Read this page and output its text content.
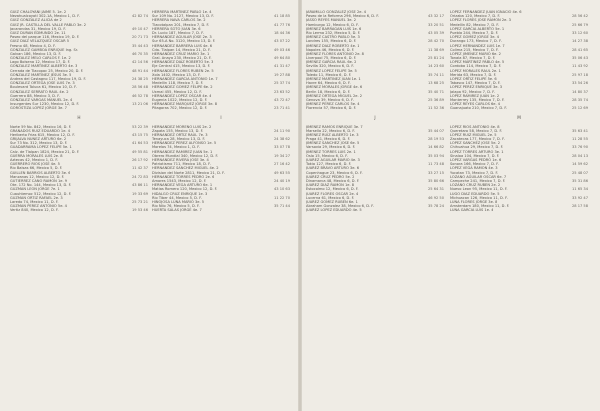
GUIZ CHALOYANI JAIME 5. 1e. 2
Nezahualcoyotl 302-1A, Mexico 1, D. F.	42 82 74
GUIZ GONZALEZ ALICIA de 2
GUIZ JR. CASTILLA DEL VALLE PABLO 3e. 2
Jacarandas 31, Mexico 19, D. F.	49 10 47
GUIZ DURAN EDMUNDO 2e. 11
Paseo del parque 116, Mexico 19, D. F.	20 71 73
GUIZ DIAZ VELAZQUEZ OSCAR 5
Fresno 48, Mexico 4, D. F.	35 44 43
GONZALEZ GAMBOA ENRIQUE Ing. Sr.
Galvan 186, Mexico 13, D. F.	46 70 35
GONZALEZ MELO CARLOS F. 1e. 2
Lago Bolsena 12, Mexico 17, D. F.	42 14 56
GONZALEZ MARTINEZ ALBERTO 4e. 3
Cerrada de Tlacopac 25, Mexico 20, D. F.	48 91 44
GONZALEZ MARTINEZ JESUS 3e. 5
Andrea del Castagno 117, Mexico 19, D. F.	24 38 25
GONZALEZ ORTEGA JOSE LUIS 7e. 3
Boulevard Toluca 61, Mexico 10, D. F.	28 56 48
GONZALEZ SERRATO RAUL 4e. 2
Guerrero 88, Mexico 3, D. F.	46 52 78
GONZALEZ VARGAS MANUEL 2e. 4
Insurgentes Sur 1230, Mexico 12, D. F.	13 21 06
GOROSTIZA LOPEZ JORGE 3e. 7
H
Norte 59 No. 842, Mexico 16, D. F.	53 22 39
GRANADOS RUIZ EDUARDO 1e. 4
Heriberto Frias 615, Mexico 12, D. F.	43 15 75
GRIJALVA NUNEZ ARTURO 6e. 2
Sur 73 No. 312, Mexico 13, D. F.	41 64 53
GUADARRAMA LOPEZ FELIPE 5e. 1
Calz. de Tlalpan 1824, Mexico 21, D. F.	49 55 81
GUERRA MORALES LUIS 2e. 8
Aztecas 42, Mexico 1, D. F.	26 17 92
GUERRERO RIOS JOSE 4e. 5
Rio Balsas 66, Mexico 5, D. F.	11 42 37
GUILLEN BARRIOS ALBERTO 3e. 6
Manzanas 12, Mexico 12, D. F.	24 72 83
GUTIERREZ CANO RAMON 1e. 9
Ote. 172 No. 144, Mexico 13, D. F.	43 86 11
GUZMAN LEON JORGE 7e. 1
Cuauhtemoc 512, Mexico 12, D. F.	19 33 69
GUZMAN ORTIZ RAFAEL 2e. 3
Laredo 74, Mexico 11, D. F.	25 73 21
GUZMAN PEREZ ANTONIO 5e. 4
Vertiz 840, Mexico 12, D. F.	19 53 46
HERRERA MARTINEZ PABLO 1e. 4
Sur 109 No. 2127, Mexico 13, D. F.	41 18 85
HERRERA NAVA CARLOS 3e. 2
Tlacotalpan 201, Mexico 7, D. F.	41 77 76
HERRERA SOTO JUAN 3e. 6
Dr. Lucio 187, Mexico 7, D. F.	18 44 36
HERNANDEZ AGUILAR JOSE 2e. 3
Sur 65-A No. 3120, Mexico 13, D. F.	43 07 22
HERNANDEZ BARRERA LUIS 4e. 6
Cda. Tlalpan 14, Mexico 21, D. F.	49 03 46
HERNANDEZ CRUZ MARIO 3e. 1
Gral. Anaya 230, Mexico 21, D. F.	49 64 80
HERNANDEZ DIAZ ROBERTO 5e. 3
Eje Central 415, Mexico 13, D. F.	41 31 47
HERNANDEZ FLORES RUBEN 2e. 5
Xola 1402, Mexico 13, D. F.	19 27 88
HERNANDEZ GARCIA ANTONIO 1e. 7
Medellin 118, Mexico 7, D. F.	25 37 74
HERNANDEZ GOMEZ FELIPE 6e. 2
Uxmal 455, Mexico 12, D. F.	23 63 52
HERNANDEZ LOPEZ OSCAR 4e. 4
Eugenia 1022, Mexico 12, D. F.	43 72 47
HERNANDEZ MARQUEZ JORGE 3e. 8
Pitagoras 702, Mexico 12, D. F.	23 71 41
I
HERNANDEZ MORENO LUIS 2e. 2
Zapata 155, Mexico 13, D. F.	24 11 90
HERNANDEZ ORTIZ RAUL 7e. 3
Tenayuca 28, Mexico 13, D. F.	24 38 62
HERNANDEZ PEREZ ALFONSO 1e. 5
Morelos 74, Mexico 1, D. F.	33 07 78
HERNANDEZ RAMIREZ JUAN 5e. 1
Obrero Mundial 340, Mexico 12, D. F.	19 34 27
HERNANDEZ RIVERA JOSE 3e. 4
Patriotismo 711, Mexico 18, D. F.	27 16 42
HERNANDEZ SANCHEZ MIGUEL 4e. 2
Division del Norte 2811, Mexico 21, D. F.	49 63 55
HERNANDEZ TORRES PEDRO 2e. 6
Amores 1543, Mexico 12, D. F.	24 40 19
HERNANDEZ VEGA ARTURO 6e. 1
Matias Romero 120, Mexico 12, D. F.	43 10 63
HIDALGO CRUZ ENRIQUE 1e. 3
Rio Tiber 44, Mexico 5, D. F.	11 22 70
HINOJOSA LUNA MARIO 3e. 5
Rio Nilo 76, Mexico 5, D. F.	35 71 44
HUERTA SALAS JORGE 4e. 7
JARAMILLO GONZALEZ JOSE 2e. 4
Paseo de la Reforma 296, Mexico 6, D. F.	43 32 17
JASSO REYES MANUEL 3e. 2
Hamburgo 12, Mexico 6, D. F.	33 20 51
JIMENEZ BARRAGAN LUIS 1e. 6
Rio Lerma 232, Mexico 5, D. F.	43 05 39
JIMENEZ CASTRO PABLO 5e. 3
Londres 155, Mexico 6, D. F.	28 42 70
JIMENEZ DIAZ ROBERTO 4e. 1
Napoles 46, Mexico 6, D. F.	11 38 69
JIMENEZ FLORES ANTONIO 2e. 8
Liverpool 75, Mexico 6, D. F.	25 81 24
JIMENEZ GARCIA RAUL 6e. 2
Sevilla 320, Mexico 6, D. F.	14 23 60
JIMENEZ LOPEZ FELIPE 3e. 5
Toledo 11, Mexico 6, D. F.	35 74 11
JIMENEZ MARTINEZ JUAN 1e. 1
Havre 64, Mexico 6, D. F.	13 68 25
JIMENEZ MORALES JORGE 4e. 6
Berlin 18, Mexico 6, D. F.	35 40 71
JIMENEZ ORTEGA MIGUEL 2e. 2
Genova 39, Mexico 6, D. F.	25 36 89
JIMENEZ PEREZ CARLOS 5e. 4
Florencia 57, Mexico 6, D. F.	11 52 36
J
JIMENEZ RAMOS ENRIQUE 3e. 7
Marsella 22, Mexico 6, D. F.	35 44 07
JIMENEZ RUIZ ALBERTO 1e. 3
Praga 41, Mexico 6, D. F.	28 19 53
JIMENEZ SANCHEZ JOSE 6e. 5
Varsovia 29, Mexico 6, D. F.	14 66 82
JIMENEZ TORRES LUIS 2e. 1
Oslo 15, Mexico 6, D. F.	35 03 94
JUAREZ AGUILAR MARIO 4e. 3
Tokio 127, Mexico 6, D. F.	11 73 48
JUAREZ BRAVO ARTURO 3e. 6
Copenhague 23, Mexico 6, D. F.	33 27 15
JUAREZ CRUZ PEDRO 5e. 2
Dinamarca 48, Mexico 6, D. F.	35 80 66
JUAREZ DIAZ RAMON 1e. 8
Estocolmo 12, Mexico 6, D. F.	25 64 31
JUAREZ FLORES OSCAR 2e. 4
Lucerna 61, Mexico 6, D. F.	46 92 50
JUAREZ GOMEZ RUBEN 6e. 1
Abraham Gonzalez 38, Mexico 6, D. F.	35 78 24
JUAREZ LOPEZ EDUARDO 4e. 5
LOPEZ FERNANDEZ JUAN IGNACIO 4e. 6
Orizaba 120, Mexico 7, D. F.	28 56 42
LOPEZ FLORES JOSE RAMON 2e. 3
Medellin 82, Mexico 7, D. F.	25 66 79
LOPEZ GARCIA ALBERTO 5e. 1
Puebla 244, Mexico 7, D. F.	33 12 60
LOPEZ GOMEZ JORGE 3e. 4
Durango 173, Mexico 7, D. F.	14 27 38
LOPEZ HERNANDEZ LUIS 1e. 7
Colima 215, Mexico 7, D. F.	28 41 65
LOPEZ JIMENEZ MARIO 6e. 2
Tonala 87, Mexico 7, D. F.	35 06 43
LOPEZ MARTINEZ PABLO 4e. 5
Cordoba 114, Mexico 7, D. F.	11 43 92
LOPEZ MORALES RAUL 2e. 1
Merida 63, Mexico 7, D. F.	25 97 18
LOPEZ ORTIZ FELIPE 5e. 6
Tabasco 147, Mexico 7, D. F.	33 54 26
LOPEZ PEREZ ENRIQUE 3e. 3
Jalapa 92, Mexico 7, D. F.	14 80 37
LOPEZ RAMIREZ JUAN 1e. 2
Monterrey 135, Mexico 7, D. F.	28 35 74
LOPEZ REYES CARLOS 6e. 4
Guanajuato 210, Mexico 7, D. F.	25 12 69
M
LOPEZ RIOS ANTONIO 4e. 8
Queretaro 58, Mexico 7, D. F.	35 63 41
LOPEZ RUIZ MIGUEL 2e. 5
Zacatecas 177, Mexico 7, D. F.	11 28 55
LOPEZ SANCHEZ JOSE 5e. 2
Chihuahua 29, Mexico 7, D. F.	33 76 90
LOPEZ TORRES ARTURO 3e. 1
Sinaloa 104, Mexico 7, D. F.	28 04 13
LOPEZ VARGAS PEDRO 1e. 6
Sonora 166, Mexico 7, D. F.	14 59 62
LOPEZ VEGA RAMON 4e. 3
Yucatan 73, Mexico 7, D. F.	25 48 07
LOZANO AGUILAR OSCAR 6e. 7
Campeche 241, Mexico 7, D. F.	35 31 86
LOZANO CRUZ RUBEN 2e. 2
Nuevo Leon 95, Mexico 11, D. F.	11 65 34
LUGO DIAZ EDUARDO 5e. 5
Michoacan 126, Mexico 11, D. F.	33 92 47
LUNA FLORES JORGE 3e. 8
Amsterdam 180, Mexico 11, D. F.	28 17 58
LUNA GARCIA LUIS 1e. 4
